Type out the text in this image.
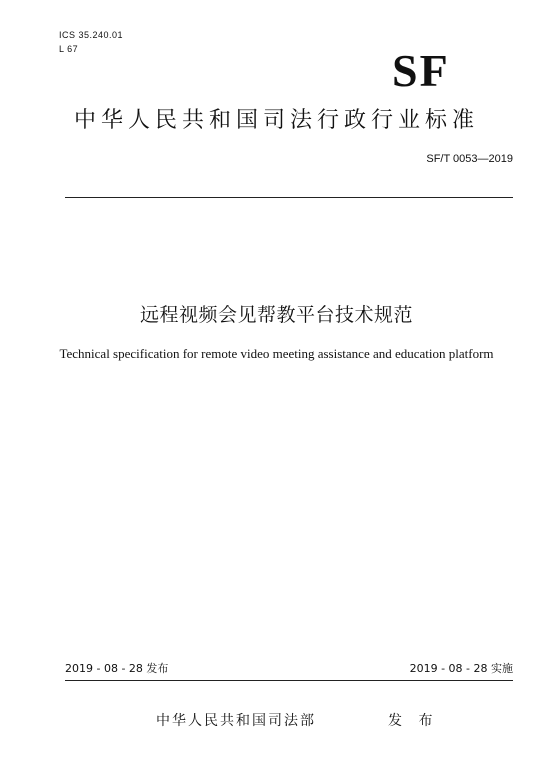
ICS 35.240.01
L 67	SF
中华人民共和国司法行政行业标准
SF/T 0053—2019
远程视频会见帮教平台技术规范
Technical specification for remote video meeting assistance and education platform
2019 - 08 - 28 发布	2019 - 08 - 28 实施
中华人民共和国司法部	发 布
